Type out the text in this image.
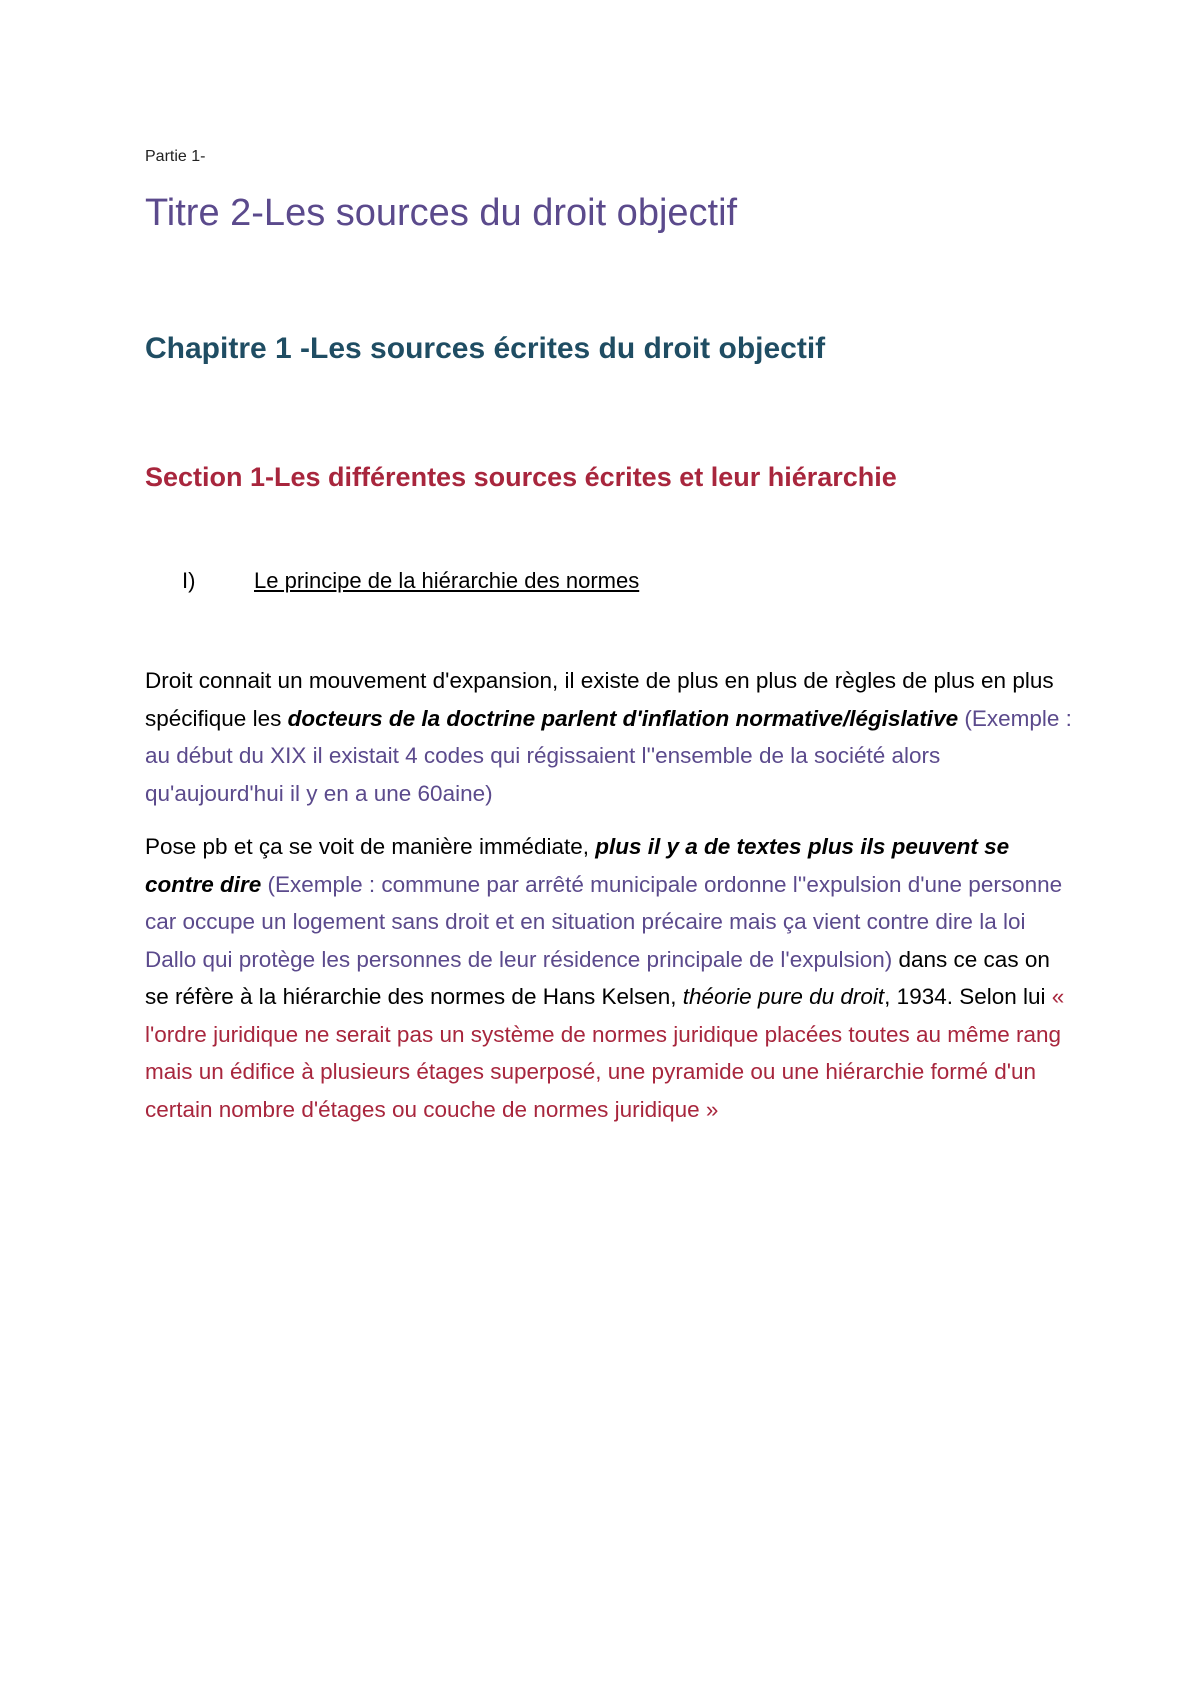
Partie 1-
Titre 2-Les sources du droit objectif
Chapitre 1 -Les sources écrites du droit objectif
Section 1-Les différentes sources écrites et leur hiérarchie
I)	Le principe de la hiérarchie des normes

Droit connait un mouvement d'expansion, il existe de plus en plus de règles de plus en plus spécifique les docteurs de la doctrine parlent d'inflation normative/législative (Exemple : au début du XIX il existait 4 codes qui régissaient l''ensemble de la société alors qu'aujourd'hui il y en a une 60aine)

Pose pb et ça se voit de manière immédiate, plus il y a de textes plus ils peuvent se contre dire (Exemple : commune par arrêté municipale ordonne l''expulsion d'une personne car occupe un logement sans droit et en situation précaire mais ça vient contre dire la loi Dallo qui protège les personnes de leur résidence principale de l'expulsion) dans ce cas on se réfère à la hiérarchie des normes de Hans Kelsen, théorie pure du droit, 1934. Selon lui « l'ordre juridique ne serait pas un système de normes juridique placées toutes au même rang mais un édifice à plusieurs étages superposé, une pyramide ou une hiérarchie formé d'un certain nombre d'étages ou couche de normes juridique »
